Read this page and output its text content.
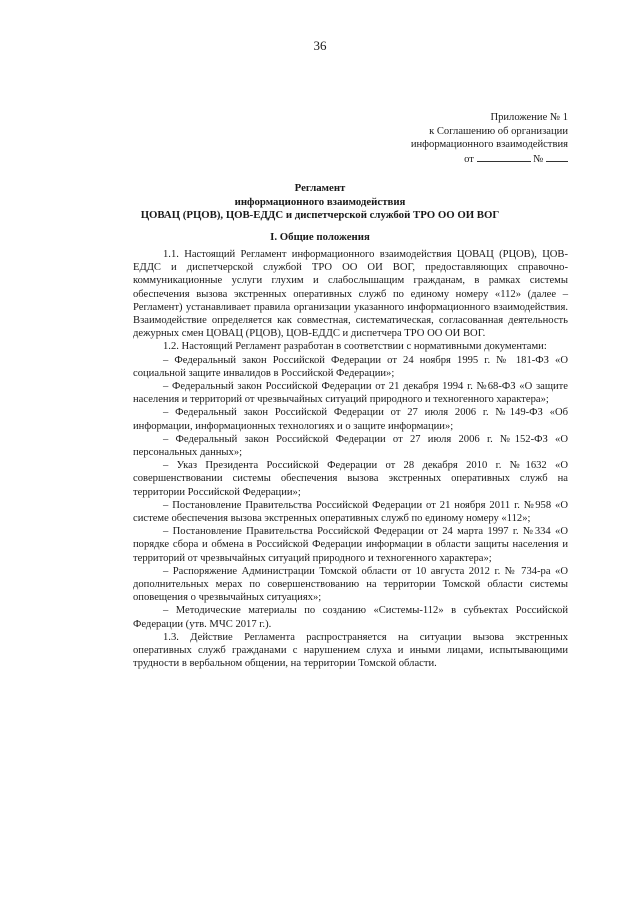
36
Приложение № 1
к Соглашению об организации
информационного взаимодействия
от	№
Регламент
информационного взаимодействия
ЦОВАЦ (РЦОВ), ЦОВ-ЕДДС и диспетчерской службой ТРО ОО ОИ ВОГ
I. Общие положения

1.1. Настоящий Регламент информационного взаимодействия ЦОВАЦ (РЦОВ), ЦОВ-ЕДДС и диспетчерской службой ТРО ОО ОИ ВОГ, предоставляющих справочно-коммуникационные услуги глухим и слабослышащим гражданам, в рамках системы обеспечения вызова экстренных оперативных служб по единому номеру «112» (далее – Регламент) устанавливает правила организации указанного информационного взаимодействия. Взаимодействие определяется как совместная, систематическая, согласованная деятельность дежурных смен ЦОВАЦ (РЦОВ), ЦОВ-ЕДДС и диспетчера ТРО ОО ОИ ВОГ.

1.2. Настоящий Регламент разработан в соответствии с нормативными документами:

– Федеральный закон Российской Федерации от 24 ноября 1995 г. № 181-ФЗ «О социальной защите инвалидов в Российской Федерации»;

– Федеральный закон Российской Федерации от 21 декабря 1994 г. №68-ФЗ «О защите населения и территорий от чрезвычайных ситуаций природного и техногенного характера»;

– Федеральный закон Российской Федерации от 27 июля 2006 г. №149-ФЗ «Об информации, информационных технологиях и о защите информации»;

– Федеральный закон Российской Федерации от 27 июля 2006 г. №152-ФЗ «О персональных данных»;

– Указ Президента Российской Федерации от 28 декабря 2010 г. №1632 «О совершенствовании системы обеспечения вызова экстренных оперативных служб на территории Российской Федерации»;

– Постановление Правительства Российской Федерации от 21 ноября 2011 г. №958 «О системе обеспечения вызова экстренных оперативных служб по единому номеру «112»;

– Постановление Правительства Российской Федерации от 24 марта 1997 г. №334 «О порядке сбора и обмена в Российской Федерации информации в области защиты населения и территорий от чрезвычайных ситуаций природного и техногенного характера»;

– Распоряжение Администрации Томской области от 10 августа 2012 г. № 734-ра «О дополнительных мерах по совершенствованию на территории Томской области системы оповещения о чрезвычайных ситуациях»;

– Методические материалы по созданию «Системы-112» в субъектах Российской Федерации (утв. МЧС 2017 г.).

1.3. Действие Регламента распространяется на ситуации вызова экстренных оперативных служб гражданами с нарушением слуха и иными лицами, испытывающими трудности в вербальном общении, на территории Томской области.
